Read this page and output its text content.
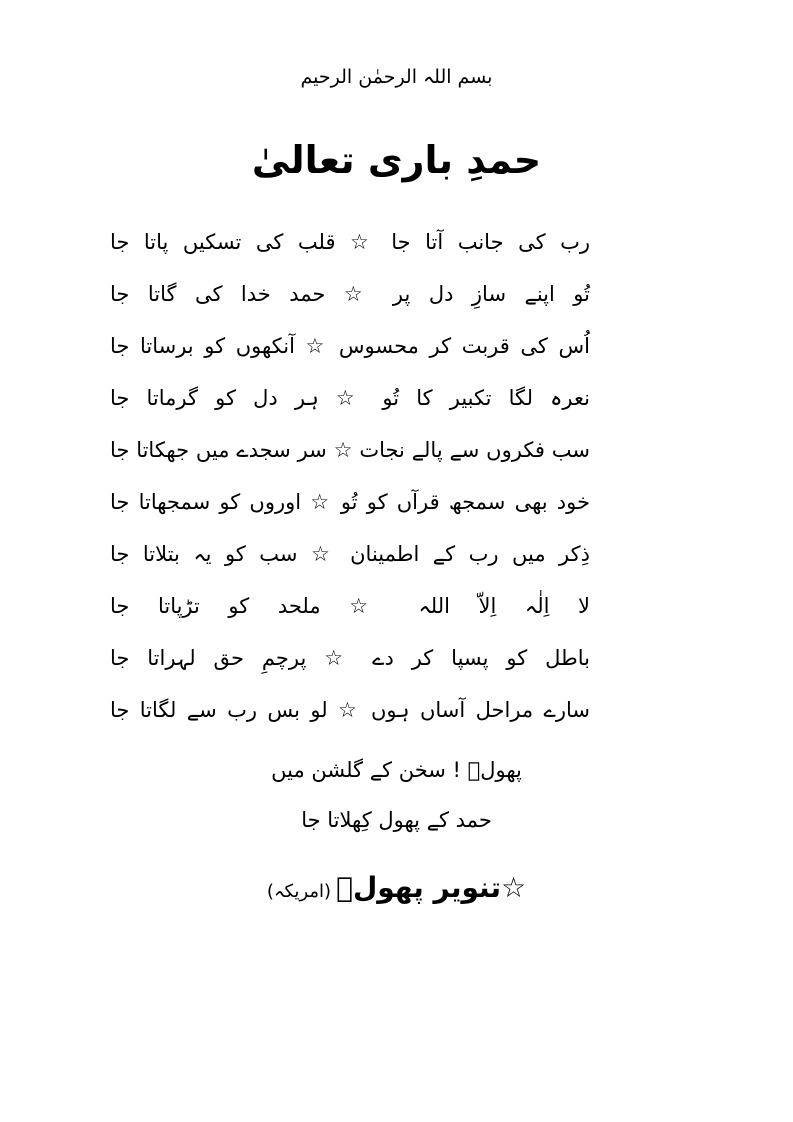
بسم اللہ الرحمٰن الرحیم
حمدِ باری تعالیٰ
رب کی جانب آتا جا ☆ قلب کی تسکیں پاتا جا
تُو اپنے سازِ دل پر ☆ حمد خدا کی گاتا جا
اُس کی قربت کر محسوس ☆ آنکھوں کو برساتا جا
نعرہ لگا تکبیر کا تُو ☆ ہر دل کو گرماتا جا
سب فکروں سے پالے نجات ☆ سر سجدے میں جھکاتا جا
خود بھی سمجھ قرآں کو تُو ☆ اوروں کو سمجھاتا جا
ذِکر میں رب کے اطمینان ☆ سب کو یہ بتلاتا جا
لا اِلٰہ اِلاّ اللہ ☆ ملحد کو تڑپاتا جا
باطل کو پسپا کر دے ☆ پرچمِ حق لہراتا جا
سارے مراحل آساں ہوں ☆ لو بس رب سے لگاتا جا
پھولؔ ! سخن کے گلشن میں
حمد کے پھول کِھلاتا جا
☆تنویر پھولؔ (امریکہ)
